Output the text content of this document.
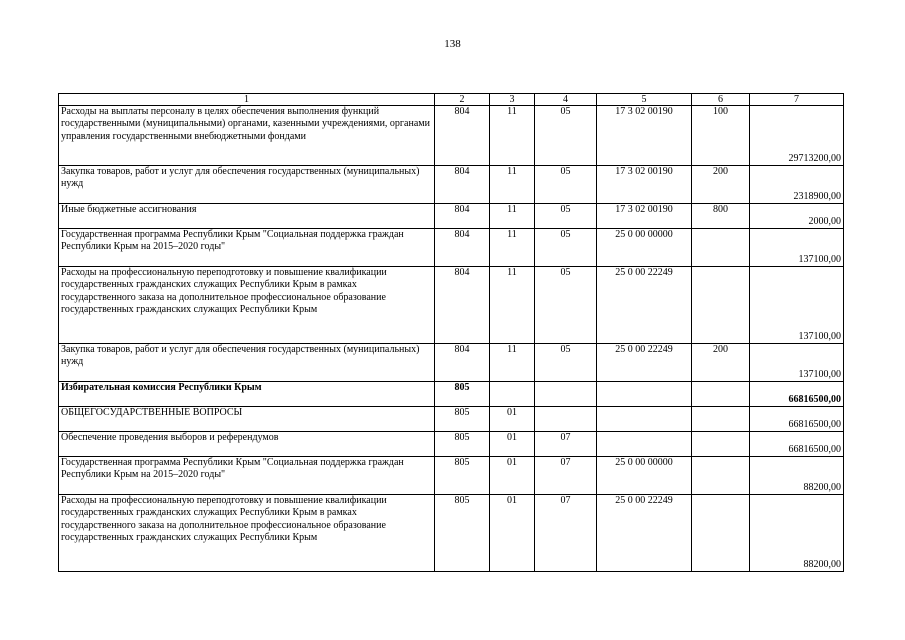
138
1	2	3	4	5	6	7
Расходы на выплаты персоналу в целях обеспечения выполнения функций государственными (муниципальными) органами, казенными учреждениями, органами управления государственными внебюджетными фондами	804	11	05	17 3 02 00190	100	29713200,00
Закупка товаров, работ и услуг для обеспечения государственных (муниципальных) нужд	804	11	05	17 3 02 00190	200	2318900,00
Иные бюджетные ассигнования	804	11	05	17 3 02 00190	800	2000,00
Государственная программа Республики Крым "Социальная поддержка граждан Республики Крым на 2015–2020 годы"	804	11	05	25 0 00 00000		137100,00
Расходы на профессиональную переподготовку и повышение квалификации государственных гражданских служащих Республики Крым в рамках государственного заказа на дополнительное профессиональное образование государственных гражданских служащих Республики Крым	804	11	05	25 0 00 22249		137100,00
Закупка товаров, работ и услуг для обеспечения государственных (муниципальных) нужд	804	11	05	25 0 00 22249	200	137100,00
Избирательная комиссия Республики Крым	805					66816500,00
ОБЩЕГОСУДАРСТВЕННЫЕ ВОПРОСЫ	805	01				66816500,00
Обеспечение проведения выборов и референдумов	805	01	07			66816500,00
Государственная программа Республики Крым "Социальная поддержка граждан Республики Крым на 2015–2020 годы"	805	01	07	25 0 00 00000		88200,00
Расходы на профессиональную переподготовку и повышение квалификации государственных гражданских служащих Республики Крым в рамках государственного заказа на дополнительное профессиональное образование государственных гражданских служащих Республики Крым	805	01	07	25 0 00 22249		88200,00
